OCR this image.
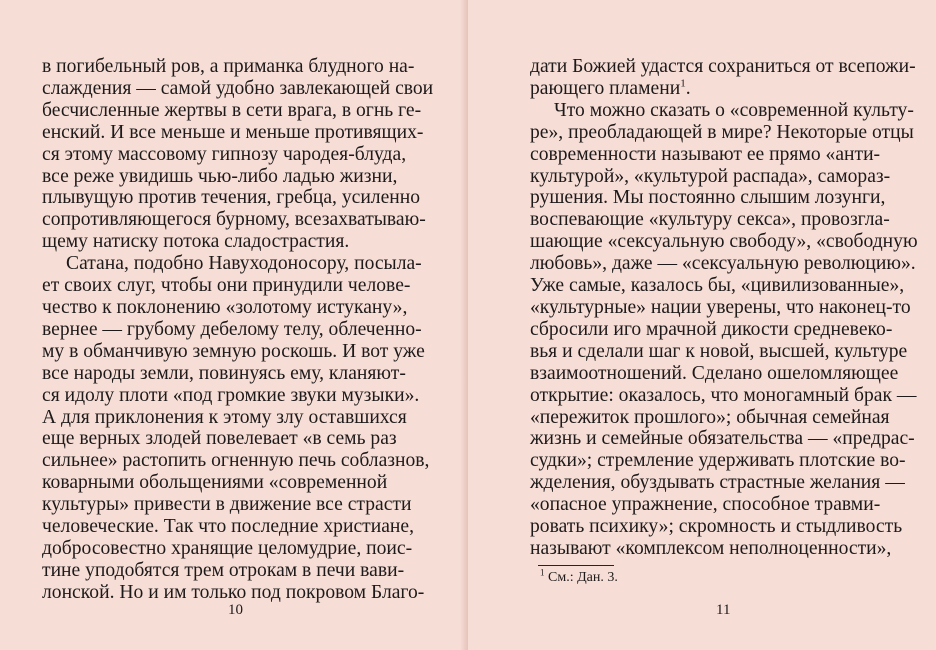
в погибельный ров, а приманка блудного на-
слаждения — самой удобно завлекающей свои
бесчисленные жертвы в сети врага, в огнь ге-
енский. И все меньше и меньше противящих-
ся этому массовому гипнозу чародея-блуда,
все реже увидишь чью-либо ладью жизни,
плывущую против течения, гребца, усиленно
сопротивляющегося бурному, всезахватываю-
щему натиску потока сладострастия.
Сатана, подобно Навуходоносору, посыла-
ет своих слуг, чтобы они принудили челове-
чество к поклонению «золотому истукану»,
вернее — грубому дебелому телу, облеченно-
му в обманчивую земную роскошь. И вот уже
все народы земли, повинуясь ему, кланяют-
ся идолу плоти «под громкие звуки музыки».
А для приклонения к этому злу оставшихся
еще верных злодей повелевает «в семь раз
сильнее» растопить огненную печь соблазнов,
коварными обольщениями «современной
культуры» привести в движение все страсти
человеческие. Так что последние христиане,
добросовестно хранящие целомудрие, поис-
тине уподобятся трем отрокам в печи вави-
лонской. Но и им только под покровом Благо-
10
дати Божией удастся сохраниться от всепожи-
рающего пламени$^1$.
Что можно сказать о «современной культу-
ре», преобладающей в мире? Некоторые отцы
современности называют ее прямо «анти-
культурой», «культурой распада», самораз-
рушения. Мы постоянно слышим лозунги,
воспевающие «культуру секса», провозгла-
шающие «сексуальную свободу», «свободную
любовь», даже — «сексуальную революцию».
Уже самые, казалось бы, «цивилизованные»,
«культурные» нации уверены, что наконец-то
сбросили иго мрачной дикости средневеко-
вья и сделали шаг к новой, высшей, культуре
взаимоотношений. Сделано ошеломляющее
открытие: оказалось, что моногамный брак —
«пережиток прошлого»; обычная семейная
жизнь и семейные обязательства — «предрас-
судки»; стремление удерживать плотские во-
жделения, обуздывать страстные желания —
«опасное упражнение, способное травми-
ровать психику»; скромность и стыдливость
называют «комплексом неполноценности»,
$^1$ См.: Дан. 3.
11
